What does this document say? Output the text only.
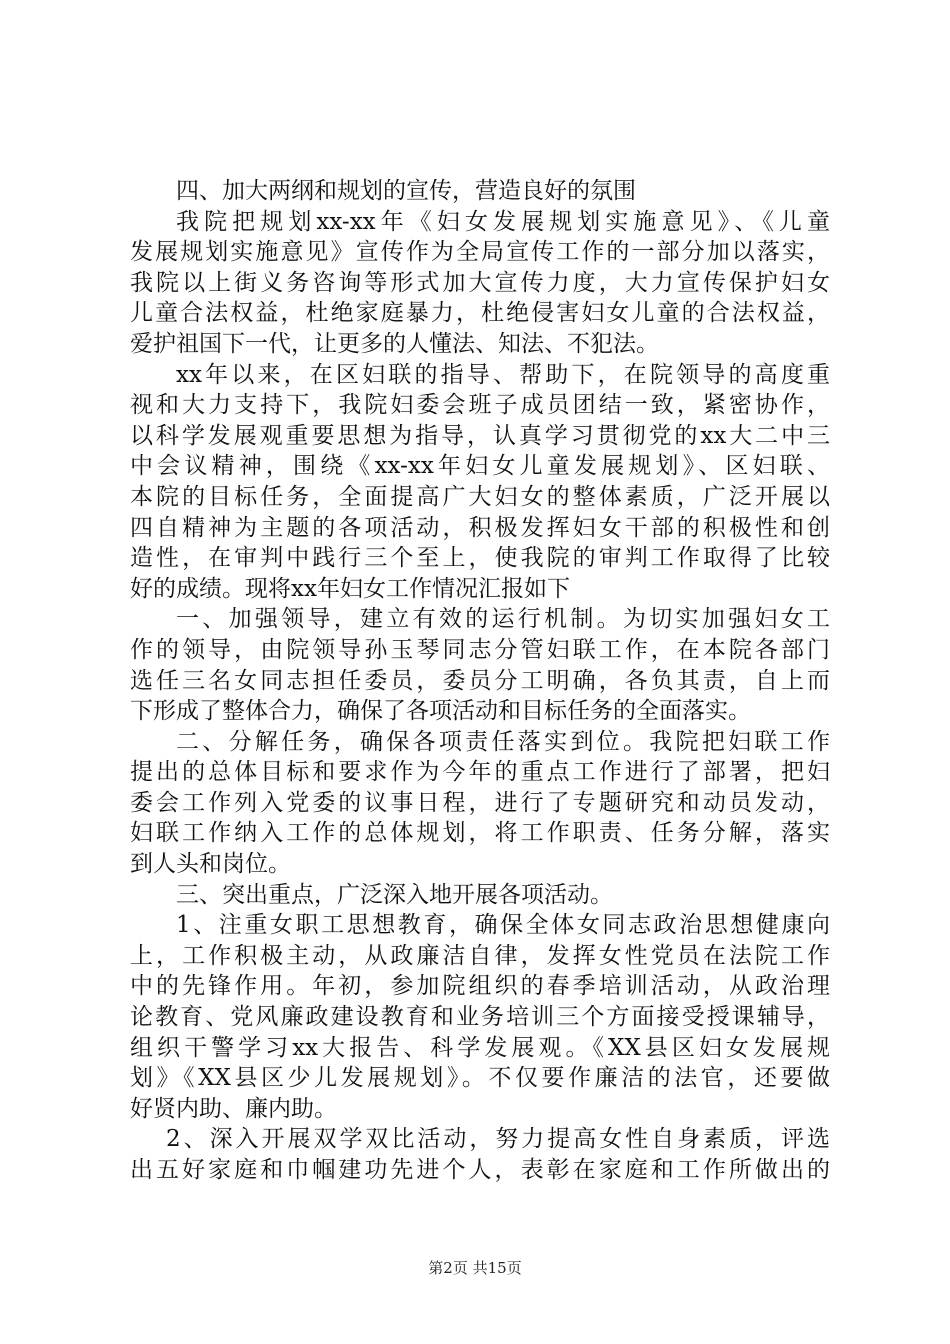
四、加大两纲和规划的宣传，营造良好的氛围
我院把规划xx-xx年《妇女发展规划实施意见》、《儿童
发展规划实施意见》宣传作为全局宣传工作的一部分加以落实，
我院以上街义务咨询等形式加大宣传力度，大力宣传保护妇女
儿童合法权益，杜绝家庭暴力，杜绝侵害妇女儿童的合法权益，
爱护祖国下一代，让更多的人懂法、知法、不犯法。
xx年以来，在区妇联的指导、帮助下，在院领导的高度重
视和大力支持下，我院妇委会班子成员团结一致，紧密协作，
以科学发展观重要思想为指导，认真学习贯彻党的xx大二中三
中会议精神，围绕《xx-xx年妇女儿童发展规划》、区妇联、
本院的目标任务，全面提高广大妇女的整体素质，广泛开展以
四自精神为主题的各项活动，积极发挥妇女干部的积极性和创
造性，在审判中践行三个至上，使我院的审判工作取得了比较
好的成绩。现将xx年妇女工作情况汇报如下
一、加强领导，建立有效的运行机制。为切实加强妇女工
作的领导，由院领导孙玉琴同志分管妇联工作，在本院各部门
选任三名女同志担任委员，委员分工明确，各负其责，自上而
下形成了整体合力，确保了各项活动和目标任务的全面落实。
二、分解任务，确保各项责任落实到位。我院把妇联工作
提出的总体目标和要求作为今年的重点工作进行了部署，把妇
委会工作列入党委的议事日程，进行了专题研究和动员发动，
妇联工作纳入工作的总体规划，将工作职责、任务分解，落实
到人头和岗位。
三、突出重点，广泛深入地开展各项活动。
1、注重女职工思想教育，确保全体女同志政治思想健康向
上，工作积极主动，从政廉洁自律，发挥女性党员在法院工作
中的先锋作用。年初，参加院组织的春季培训活动，从政治理
论教育、党风廉政建设教育和业务培训三个方面接受授课辅导，
组织干警学习xx大报告、科学发展观。《XX县区妇女发展规
划》《XX县区少儿发展规划》。不仅要作廉洁的法官，还要做
好贤内助、廉内助。
2、深入开展双学双比活动，努力提高女性自身素质，评选
出五好家庭和巾帼建功先进个人，表彰在家庭和工作所做出的
第2页 共15页
